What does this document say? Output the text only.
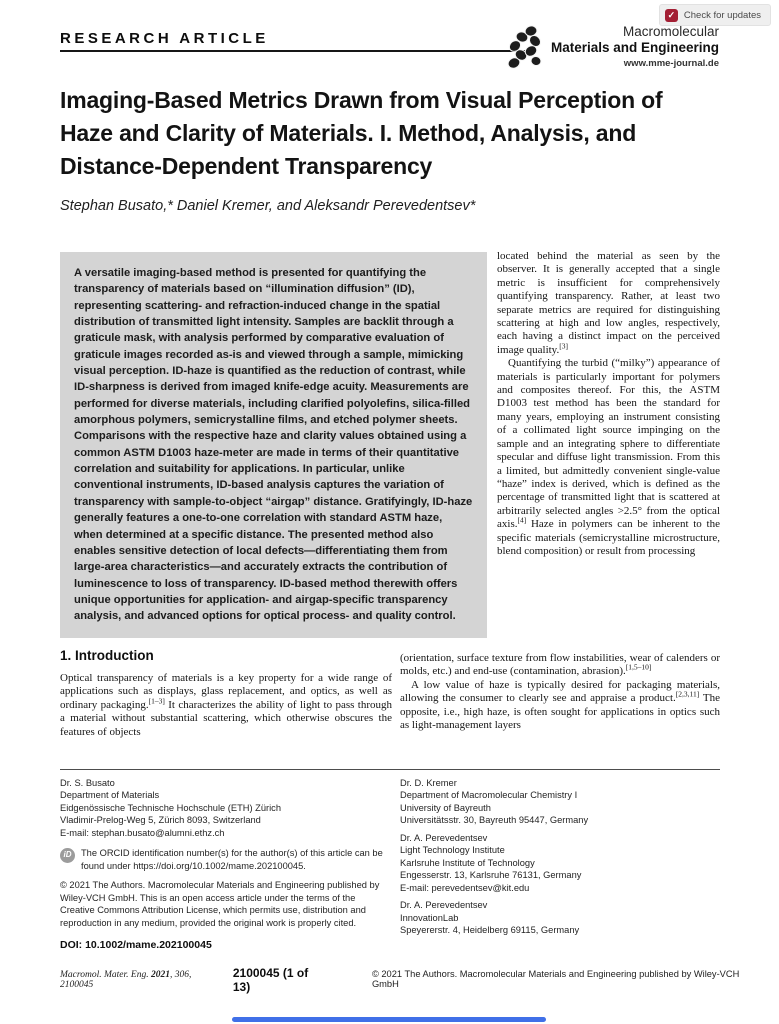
✓ Check for updates
RESEARCH ARTICLE	Macromolecular
Materials and Engineering
www.mme-journal.de
Imaging-Based Metrics Drawn from Visual Perception of
Haze and Clarity of Materials. I. Method, Analysis, and
Distance-Dependent Transparency
Stephan Busato,* Daniel Kremer, and Aleksandr Perevedentsev*
A versatile imaging-based method is presented for quantifying the transparency of materials based on “illumination diffusion” (ID), representing scattering- and refraction-induced change in the spatial distribution of transmitted light intensity. Samples are backlit through a graticule mask, with analysis performed by comparative evaluation of graticule images recorded as-is and viewed through a sample, mimicking visual perception. ID-haze is quantified as the reduction of contrast, while ID-sharpness is derived from imaged knife-edge acuity. Measurements are performed for diverse materials, including clarified polyolefins, silica-filled amorphous polymers, semicrystalline films, and etched polymer sheets. Comparisons with the respective haze and clarity values obtained using a common ASTM D1003 haze-meter are made in terms of their quantitative correlation and suitability for applications. In particular, unlike conventional instruments, ID-based analysis captures the variation of transparency with sample-to-object “airgap” distance. Gratifyingly, ID-haze generally features a one-to-one correlation with standard ASTM haze, when determined at a specific distance. The presented method also enables sensitive detection of local defects—differentiating them from large-area characteristics—and accurately extracts the contribution of luminescence to loss of transparency. ID-based method therewith offers unique opportunities for application- and airgap-specific transparency analysis, and advanced options for optical process- and quality control.

located behind the material as seen by the observer. It is generally accepted that a single metric is insufficient for comprehensively quantifying transparency. Rather, at least two separate metrics are required for distinguishing scattering at high and low angles, respectively, each having a distinct impact on the perceived image quality.[3]

Quantifying the turbid (“milky”) appearance of materials is particularly important for polymers and composites thereof. For this, the ASTM D1003 test method has been the standard for many years, employing an instrument consisting of a collimated light source impinging on the sample and an integrating sphere to differentiate specular and diffuse light transmission. From this a limited, but admittedly convenient single-value “haze” index is derived, which is defined as the percentage of transmitted light that is scattered at arbitrarily selected angles >2.5° from the optical axis.[4] Haze in polymers can be inherent to the specific materials (semicrystalline microstructure, blend composition) or result from processing

1. Introduction

Optical transparency of materials is a key property for a wide range of applications such as displays, glass replacement, and optics, as well as ordinary packaging.[1–3] It characterizes the ability of light to pass through a material without substantial scattering, which otherwise obscures the features of objects

(orientation, surface texture from flow instabilities, wear of calenders or molds, etc.) and end-use (contamination, abrasion).[1,5–10]

A low value of haze is typically desired for packaging materials, allowing the consumer to clearly see and appraise a product.[2,3,11] The opposite, i.e., high haze, is often sought for applications in optics such as light-management layers

Dr. S. Busato
Department of Materials
Eidgenössische Technische Hochschule (ETH) Zürich
Vladimir-Prelog-Weg 5, Zürich 8093, Switzerland
E-mail: stephan.busato@alumni.ethz.ch
iD	The ORCID identification number(s) for the author(s) of this article can be found under https://doi.org/10.1002/mame.202100045.
© 2021 The Authors. Macromolecular Materials and Engineering published by Wiley-VCH GmbH. This is an open access article under the terms of the Creative Commons Attribution License, which permits use, distribution and reproduction in any medium, provided the original work is properly cited.
DOI: 10.1002/mame.202100045
Dr. D. Kremer
Department of Macromolecular Chemistry I
University of Bayreuth
Universitätsstr. 30, Bayreuth 95447, Germany
Dr. A. Perevedentsev
Light Technology Institute
Karlsruhe Institute of Technology
Engesserstr. 13, Karlsruhe 76131, Germany
E-mail: perevedentsev@kit.edu
Dr. A. Perevedentsev
InnovationLab
Speyererstr. 4, Heidelberg 69115, Germany
Macromol. Mater. Eng. 2021, 306, 2100045
2100045 (1 of 13)
© 2021 The Authors. Macromolecular Materials and Engineering published by Wiley-VCH GmbH
